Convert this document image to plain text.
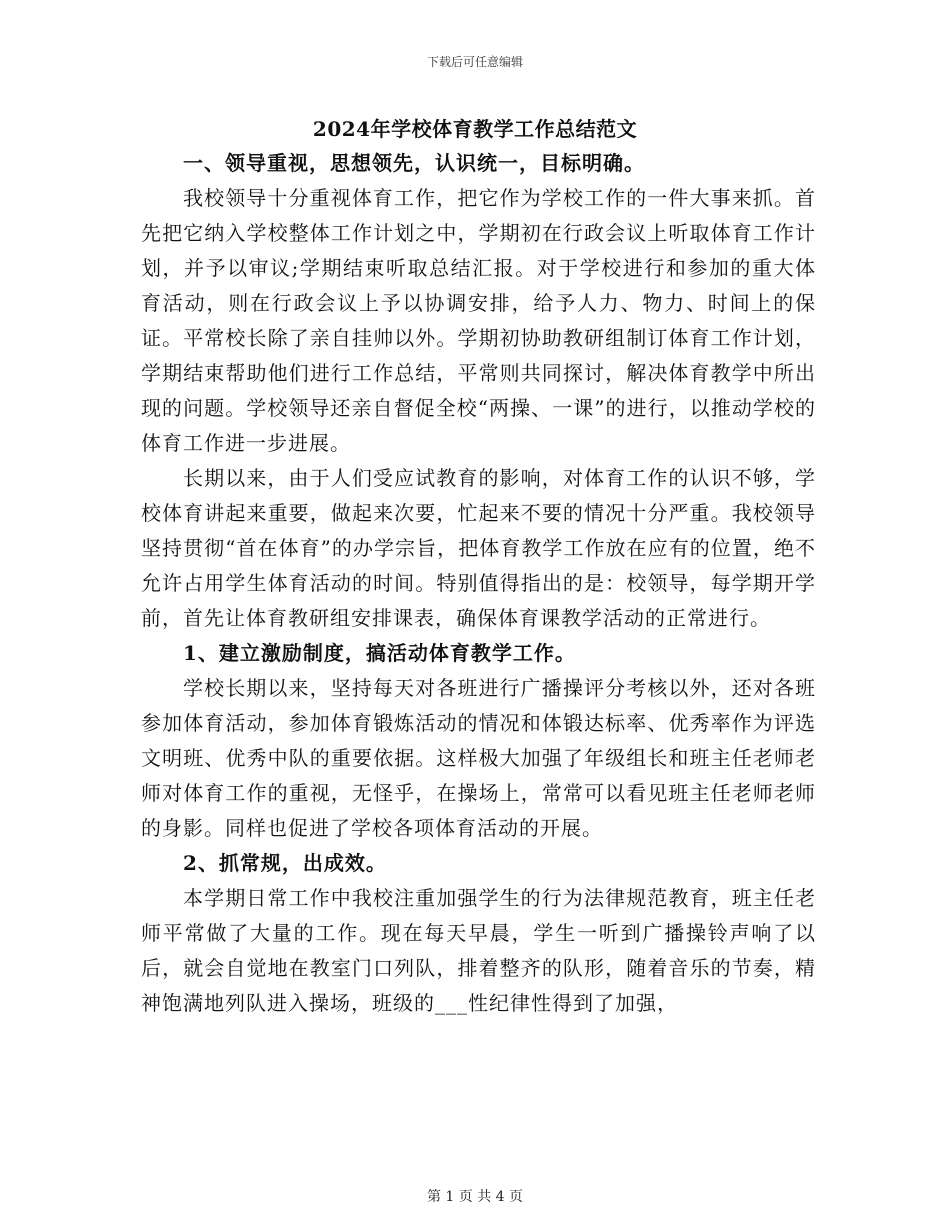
下载后可任意编辑
2024年学校体育教学工作总结范文

一、领导重视，思想领先，认识统一，目标明确。

我校领导十分重视体育工作，把它作为学校工作的一件大事来抓。首先把它纳入学校整体工作计划之中，学期初在行政会议上听取体育工作计划，并予以审议;学期结束听取总结汇报。对于学校进行和参加的重大体育活动，则在行政会议上予以协调安排，给予人力、物力、时间上的保证。平常校长除了亲自挂帅以外。学期初协助教研组制订体育工作计划，学期结束帮助他们进行工作总结，平常则共同探讨，解决体育教学中所出现的问题。学校领导还亲自督促全校“两操、一课”的进行，以推动学校的体育工作进一步进展。

长期以来，由于人们受应试教育的影响，对体育工作的认识不够，学校体育讲起来重要，做起来次要，忙起来不要的情况十分严重。我校领导坚持贯彻“首在体育”的办学宗旨，把体育教学工作放在应有的位置，绝不允许占用学生体育活动的时间。特别值得指出的是：校领导，每学期开学前，首先让体育教研组安排课表，确保体育课教学活动的正常进行。

1、建立激励制度，搞活动体育教学工作。

学校长期以来，坚持每天对各班进行广播操评分考核以外，还对各班参加体育活动，参加体育锻炼活动的情况和体锻达标率、优秀率作为评选文明班、优秀中队的重要依据。这样极大加强了年级组长和班主任老师老师对体育工作的重视，无怪乎，在操场上，常常可以看见班主任老师老师的身影。同样也促进了学校各项体育活动的开展。

2、抓常规，出成效。

本学期日常工作中我校注重加强学生的行为法律规范教育，班主任老师平常做了大量的工作。现在每天早晨，学生一听到广播操铃声响了以后，就会自觉地在教室门口列队，排着整齐的队形，随着音乐的节奏，精神饱满地列队进入操场，班级的___性纪律性得到了加强，

第 1 页 共 4 页
